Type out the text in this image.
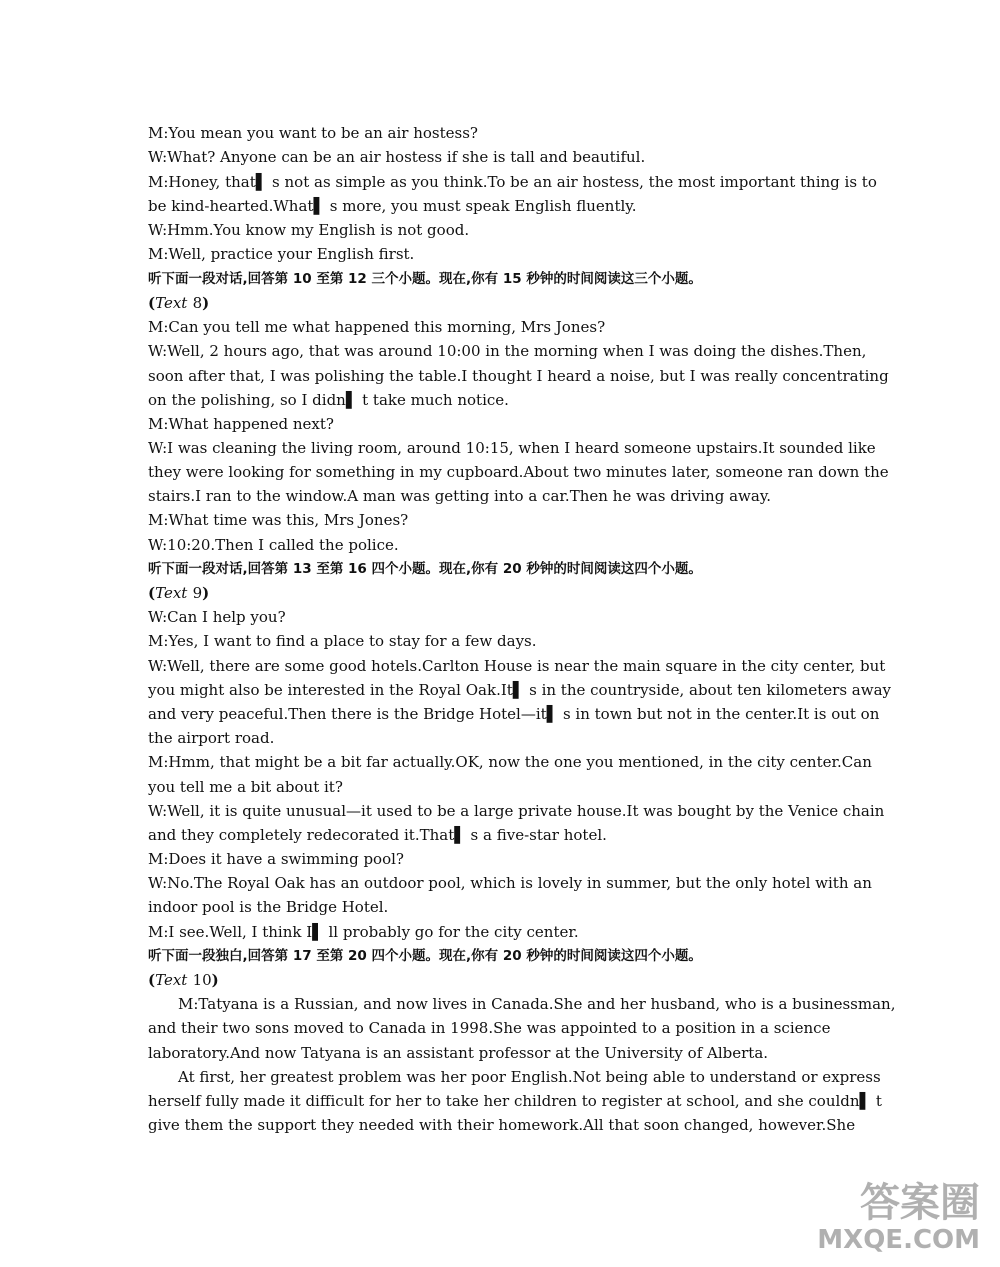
M:You mean you want to be an air hostess?
W:What? Anyone can be an air hostess if she is tall and beautiful.
M:Honey, that▌ s not as simple as you think.To be an air hostess, the most important thing is to
be kind-hearted.What▌ s more, you must speak English fluently.
W:Hmm.You know my English is not good.
M:Well, practice your English first.
听下面一段对话,回答第 10 至第 12 三个小题。现在,你有 15 秒钟的时间阅读这三个小题。
(Text 8)
M:Can you tell me what happened this morning, Mrs Jones?
W:Well, 2 hours ago, that was around 10:00 in the morning when I was doing the dishes.Then,
soon after that, I was polishing the table.I thought I heard a noise, but I was really concentrating
on the polishing, so I didn▌ t take much notice.
M:What happened next?
W:I was cleaning the living room, around 10:15, when I heard someone upstairs.It sounded like
they were looking for something in my cupboard.About two minutes later, someone ran down the
stairs.I ran to the window.A man was getting into a car.Then he was driving away.
M:What time was this, Mrs Jones?
W:10:20.Then I called the police.
听下面一段对话,回答第 13 至第 16 四个小题。现在,你有 20 秒钟的时间阅读这四个小题。
(Text 9)
W:Can I help you?
M:Yes, I want to find a place to stay for a few days.
W:Well, there are some good hotels.Carlton House is near the main square in the city center, but
you might also be interested in the Royal Oak.It▌ s in the countryside, about ten kilometers away
and very peaceful.Then there is the Bridge Hotel—it▌ s in town but not in the center.It is out on
the airport road.
M:Hmm, that might be a bit far actually.OK, now the one you mentioned, in the city center.Can
you tell me a bit about it?
W:Well, it is quite unusual—it used to be a large private house.It was bought by the Venice chain
and they completely redecorated it.That▌ s a five-star hotel.
M:Does it have a swimming pool?
W:No.The Royal Oak has an outdoor pool, which is lovely in summer, but the only hotel with an
indoor pool is the Bridge Hotel.
M:I see.Well, I think I▌ ll probably go for the city center.
听下面一段独白,回答第 17 至第 20 四个小题。现在,你有 20 秒钟的时间阅读这四个小题。
(Text 10)
M:Tatyana is a Russian, and now lives in Canada.She and her husband, who is a businessman,
and their two sons moved to Canada in 1998.She was appointed to a position in a science
laboratory.And now Tatyana is an assistant professor at the University of Alberta.
At first, her greatest problem was her poor English.Not being able to understand or express
herself fully made it difficult for her to take her children to register at school, and she couldn▌ t
give them the support they needed with their homework.All that soon changed, however.She
答案圈
MXQE.COM
